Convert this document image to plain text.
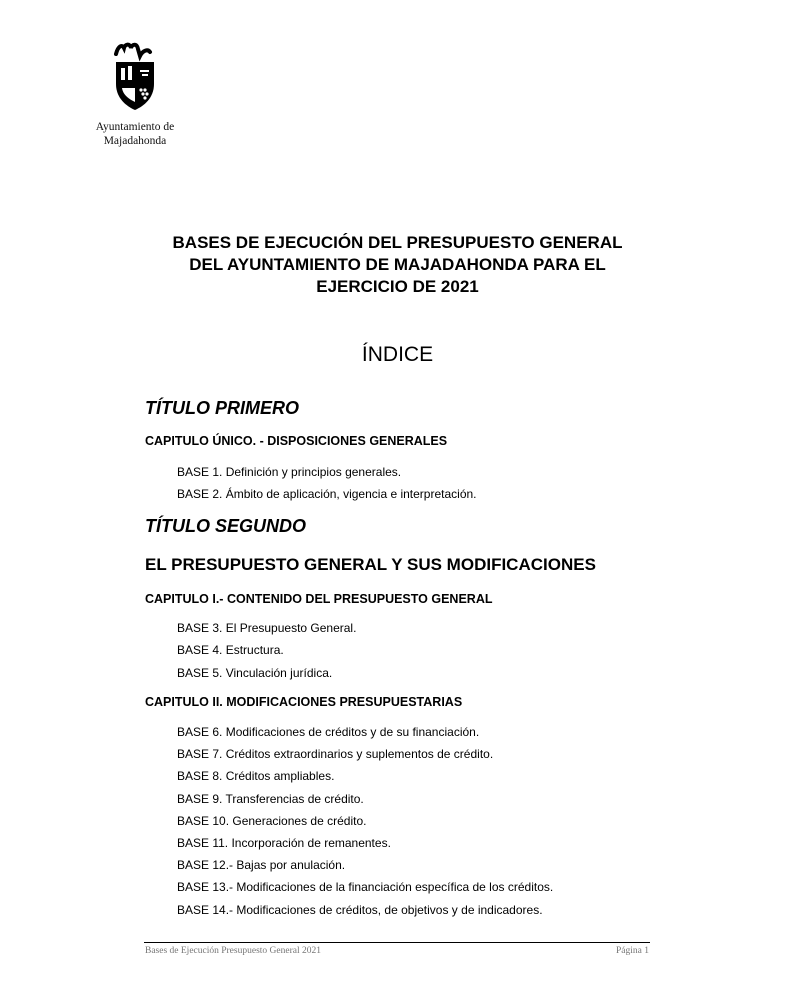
Ayuntamiento de
Majadahonda
BASES DE EJECUCIÓN DEL PRESUPUESTO GENERAL
DEL AYUNTAMIENTO DE MAJADAHONDA PARA EL
EJERCICIO DE 2021
ÍNDICE
TÍTULO PRIMERO
CAPITULO ÚNICO. - DISPOSICIONES GENERALES
BASE 1. Definición y principios generales.
BASE 2. Ámbito de aplicación, vigencia e interpretación.
TÍTULO SEGUNDO
EL PRESUPUESTO GENERAL Y SUS MODIFICACIONES
CAPITULO I.- CONTENIDO DEL PRESUPUESTO GENERAL
BASE 3. El Presupuesto General.
BASE 4. Estructura.
BASE 5. Vinculación jurídica.
CAPITULO II. MODIFICACIONES PRESUPUESTARIAS
BASE 6. Modificaciones de créditos y de su financiación.
BASE 7. Créditos extraordinarios y suplementos de crédito.
BASE 8. Créditos ampliables.
BASE 9. Transferencias de crédito.
BASE 10. Generaciones de crédito.
BASE 11. Incorporación de remanentes.
BASE 12.- Bajas por anulación.
BASE 13.- Modificaciones de la financiación específica de los créditos.
BASE 14.- Modificaciones de créditos, de objetivos y de indicadores.
Bases de Ejecución Presupuesto General 2021	Página 1
